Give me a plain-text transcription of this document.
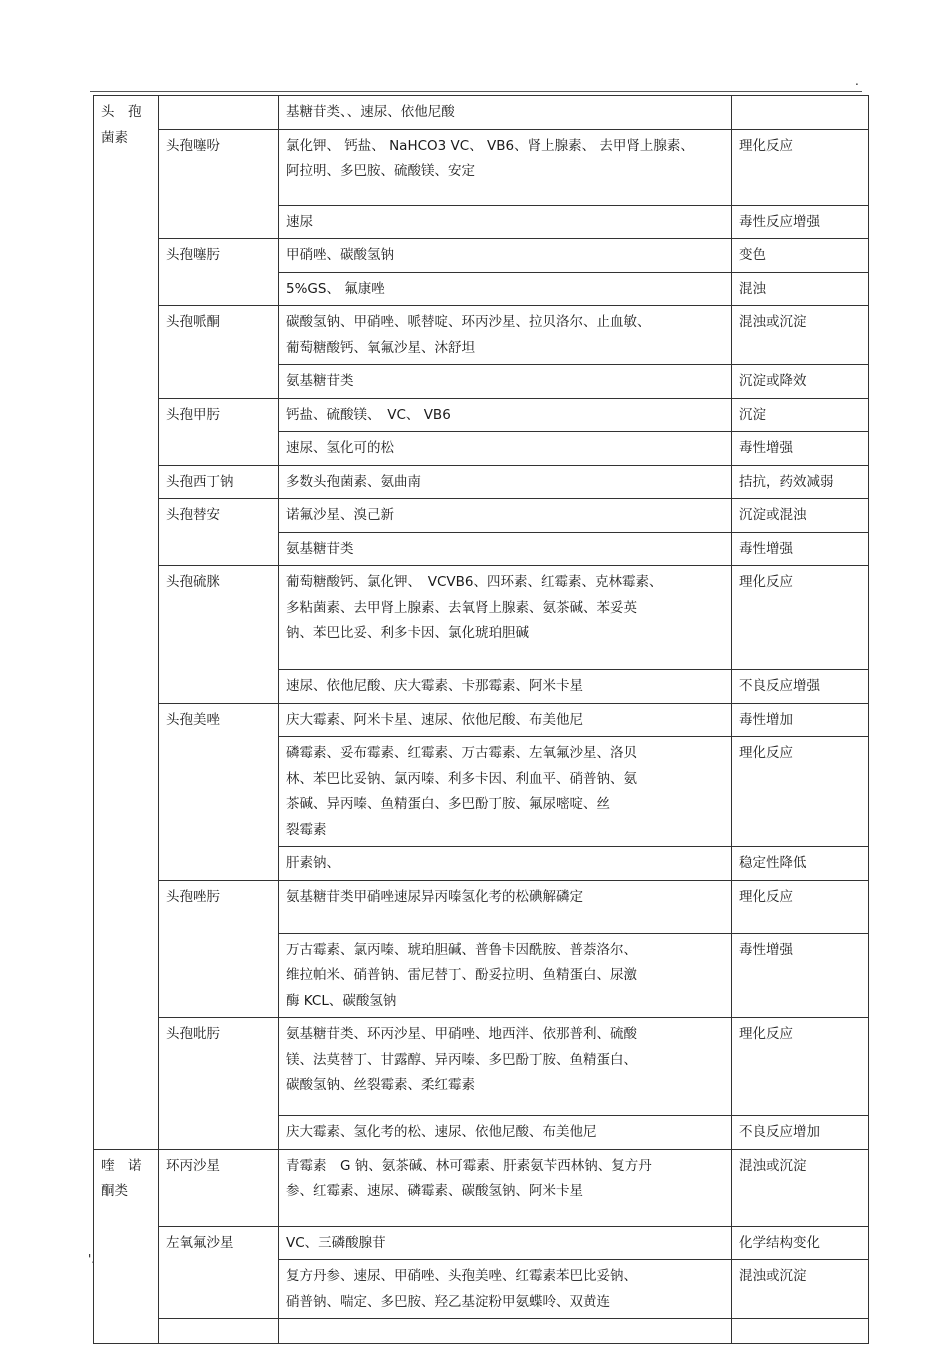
.
'.
头　孢
菌素		基糖苷类、、速尿、依他尼酸	
	头孢噻吩	氯化钾、 钙盐、 NaHCO3 VC、 VB6、肾上腺素、 去甲肾上腺素、
阿拉明、多巴胺、硫酸镁、安定	理化反应
		速尿	毒性反应增强
	头孢噻肟	甲硝唑、碳酸氢钠	变色
		5%GS、 氟康唑	混浊
	头孢哌酮	碳酸氢钠、甲硝唑、哌替啶、环丙沙星、拉贝洛尔、止血敏、
葡萄糖酸钙、氧氟沙星、沐舒坦	混浊或沉淀
		氨基糖苷类	沉淀或降效
	头孢甲肟	钙盐、硫酸镁、　VC、 VB6	沉淀
		速尿、氢化可的松	毒性增强
	头孢西丁钠	多数头孢菌素、氨曲南	拮抗，药效减弱
	头孢替安	诺氟沙星、溴己新	沉淀或混浊
		氨基糖苷类	毒性增强
	头孢硫脒	葡萄糖酸钙、氯化钾、　VCVB6、四环素、红霉素、克林霉素、
多粘菌素、去甲肾上腺素、去氧肾上腺素、氨茶碱、苯妥英
钠、苯巴比妥、利多卡因、氯化琥珀胆碱	理化反应
		速尿、依他尼酸、庆大霉素、卡那霉素、阿米卡星	不良反应增强
	头孢美唑	庆大霉素、阿米卡星、速尿、依他尼酸、布美他尼	毒性增加
		磷霉素、妥布霉素、红霉素、万古霉素、左氧氟沙星、洛贝
林、苯巴比妥钠、氯丙嗪、利多卡因、利血平、硝普钠、氨
茶碱、异丙嗪、鱼精蛋白、多巴酚丁胺、氟尿嘧啶、丝
裂霉素	理化反应
		肝素钠、	稳定性降低
	头孢唑肟	氨基糖苷类甲硝唑速尿异丙嗪氢化考的松碘解磷定	理化反应
		万古霉素、氯丙嗪、琥珀胆碱、普鲁卡因酰胺、普萘洛尔、
维拉帕米、硝普钠、雷尼替丁、酚妥拉明、鱼精蛋白、尿激
酶 KCL、碳酸氢钠	毒性增强
	头孢吡肟	氨基糖苷类、环丙沙星、甲硝唑、地西泮、依那普利、硫酸
镁、法莫替丁、甘露醇、异丙嗪、多巴酚丁胺、鱼精蛋白、
碳酸氢钠、丝裂霉素、柔红霉素	理化反应
		庆大霉素、氢化考的松、速尿、依他尼酸、布美他尼	不良反应增加

喹　诺
酮类	环丙沙星	青霉素　G 钠、氨茶碱、林可霉素、肝素氨苄西林钠、复方丹
参、红霉素、速尿、磷霉素、碳酸氢钠、阿米卡星	混浊或沉淀
	左氧氟沙星	VC、三磷酸腺苷	化学结构变化
		复方丹参、速尿、甲硝唑、头孢美唑、红霉素苯巴比妥钠、
硝普钠、喘定、多巴胺、羟乙基淀粉甲氨蝶呤、双黄连	混浊或沉淀
